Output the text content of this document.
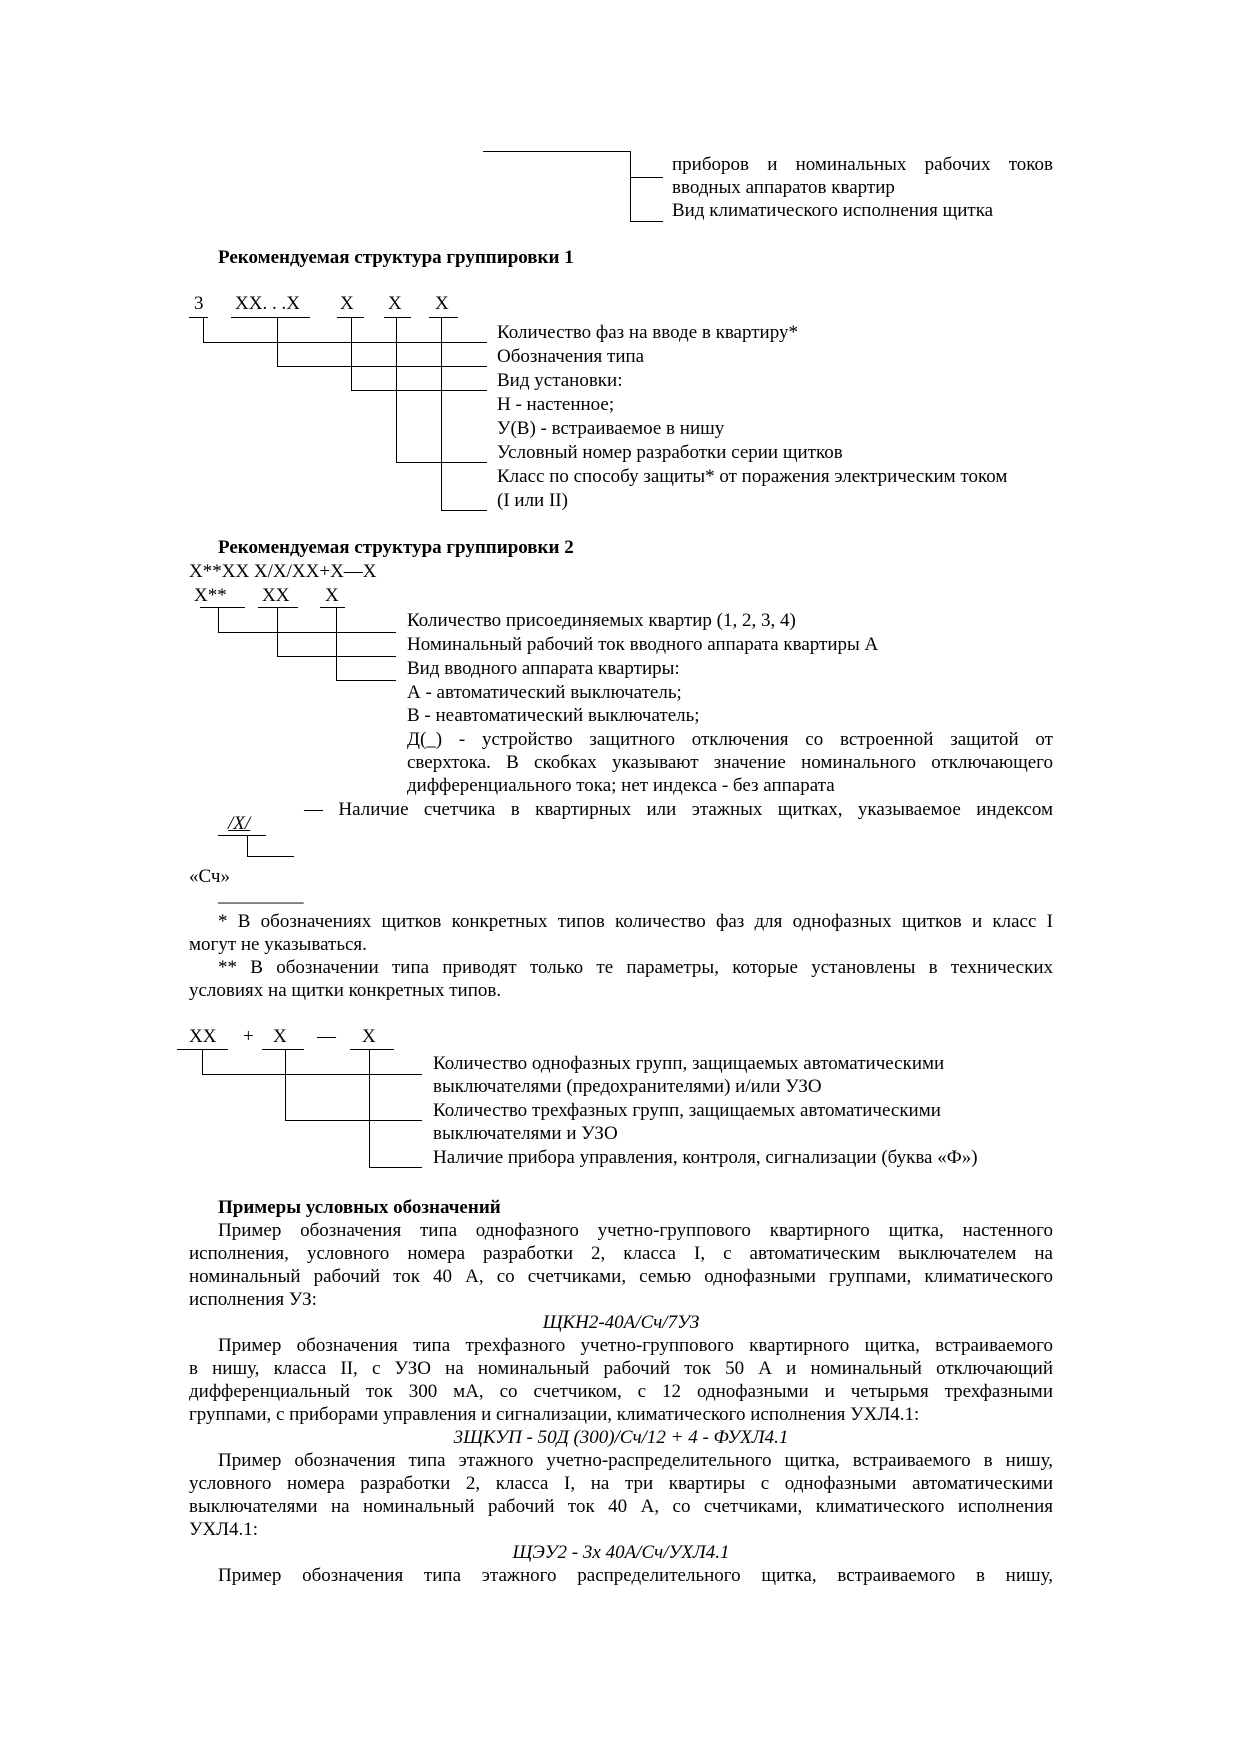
приборов и номинальных рабочих токов

вводных аппаратов квартир

Вид климатического исполнения щитка

Рекомендуемая структура группировки 1

3 ХХ. . .Х Х Х Х

Количество фаз на вводе в квартиру*

Обозначения типа

Вид установки:

Н - настенное;

У(В) - встраиваемое в нишу

Условный номер разработки серии щитков

Класс по способу защиты* от поражения электрическим током

(I или II)

Рекомендуемая структура группировки 2

Х**ХХ Х/Х/ХХ+Х—Х

Х** ХХ Х

Количество присоединяемых квартир (1, 2, 3, 4)

Номинальный рабочий ток вводного аппарата квартиры А

Вид вводного аппарата квартиры:

А - автоматический выключатель;

В - неавтоматический выключатель;

Д(_) - устройство защитного отключения со встроенной защитой от

сверхтока. В скобках указывают значение номинального отключающего

дифференциального тока; нет индекса - без аппарата

/Х/

— Наличие счетчика в квартирных или этажных щитках, указываемое индексом

«Сч»

_________

* В обозначениях щитков конкретных типов количество фаз для однофазных щитков и класс I

могут не указываться.

** В обозначении типа приводят только те параметры, которые установлены в технических

условиях на щитки конкретных типов.

ХХ + Х — Х

Количество однофазных групп, защищаемых автоматическими

выключателями (предохранителями) и/или УЗО

Количество трехфазных групп, защищаемых автоматическими

выключателями и УЗО

Наличие прибора управления, контроля, сигнализации (буква «Ф»)

Примеры условных обозначений

Пример обозначения типа однофазного учетно-группового квартирного щитка, настенного

исполнения, условного номера разработки 2, класса I, с автоматическим выключателем на

номинальный рабочий ток 40 А, со счетчиками, семью однофазными группами, климатического

исполнения УЗ:

ЩКН2-40А/Сч/7УЗ

Пример обозначения типа трехфазного учетно-группового квартирного щитка, встраиваемого

в нишу, класса II, с УЗО на номинальный рабочий ток 50 А и номинальный отключающий

дифференциальный ток 300 мА, со счетчиком, с 12 однофазными и четырьмя трехфазными

группами, с приборами управления и сигнализации, климатического исполнения УХЛ4.1:

3ЩКУП - 50Д (300)/Сч/12 + 4 - ФУХЛ4.1

Пример обозначения типа этажного учетно-распределительного щитка, встраиваемого в нишу,

условного номера разработки 2, класса I, на три квартиры с однофазными автоматическими

выключателями на номинальный рабочий ток 40 А, со счетчиками, климатического исполнения

УХЛ4.1:

ЩЭУ2 - 3х 40А/Сч/УХЛ4.1

Пример обозначения типа этажного распределительного щитка, встраиваемого в нишу,
